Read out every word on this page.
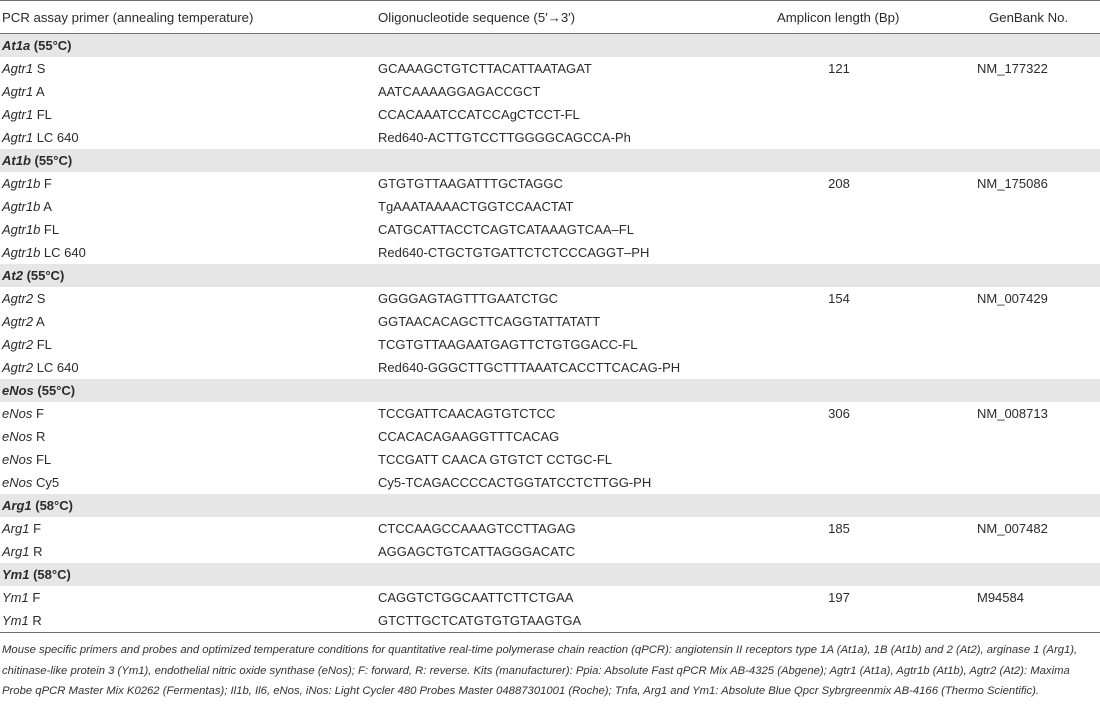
PCR assay primer (annealing temperature)	Oligonucleotide sequence (5′→3′)	Amplicon length (Bp)	GenBank No.
At1a (55°C)			
Agtr1 S	GCAAAGCTGTCTTACATTAATAGAT	121	NM_177322
Agtr1 A	AATCAAAAGGAGACCGCT		
Agtr1 FL	CCACAAATCCATCCAgCTCCT-FL		
Agtr1 LC 640	Red640-ACTTGTCCTTGGGGCAGCCA-Ph		
At1b (55°C)			
Agtr1b F	GTGTGTTAAGATTTGCTAGGC	208	NM_175086
Agtr1b A	TgAAATAAAACTGGTCCAACTAT		
Agtr1b FL	CATGCATTACCTCAGTCATAAAGTCAA–FL		
Agtr1b LC 640	Red640-CTGCTGTGATTCTCTCCCAGGT–PH		
At2 (55°C)			
Agtr2 S	GGGGAGTAGTTTGAATCTGC	154	NM_007429
Agtr2 A	GGTAACACAGCTTCAGGTATTATATT		
Agtr2 FL	TCGTGTTAAGAATGAGTTCTGTGGACC-FL		
Agtr2 LC 640	Red640-GGGCTTGCTTTAAATCACCTTCACAG-PH		
eNos (55°C)			
eNos F	TCCGATTCAACAGTGTCTCC	306	NM_008713
eNos R	CCACACAGAAGGTTTCACAG		
eNos FL	TCCGATT CAACA GTGTCT CCTGC-FL		
eNos Cy5	Cy5-TCAGACCCCACTGGTATCCTCTTGG-PH		
Arg1 (58°C)			
Arg1 F	CTCCAAGCCAAAGTCCTTAGAG	185	NM_007482
Arg1 R	AGGAGCTGTCATTAGGGACATC		
Ym1 (58°C)			
Ym1 F	CAGGTCTGGCAATTCTTCTGAA	197	M94584
Ym1 R	GTCTTGCTCATGTGTGTAAGTGA		
Mouse specific primers and probes and optimized temperature conditions for quantitative real-time polymerase chain reaction (qPCR): angiotensin II receptors type 1A (At1a), 1B (At1b) and 2 (At2), arginase 1 (Arg1), chitinase-like protein 3 (Ym1), endothelial nitric oxide synthase (eNos); F: forward, R: reverse. Kits (manufacturer): Ppia: Absolute Fast qPCR Mix AB-4325 (Abgene); Agtr1 (At1a), Agtr1b (At1b), Agtr2 (At2): Maxima Probe qPCR Master Mix K0262 (Fermentas); Il1b, Il6, eNos, iNos: Light Cycler 480 Probes Master 04887301001 (Roche); Tnfa, Arg1 and Ym1: Absolute Blue Qpcr Sybrgreenmix AB-4166 (Thermo Scientific).
